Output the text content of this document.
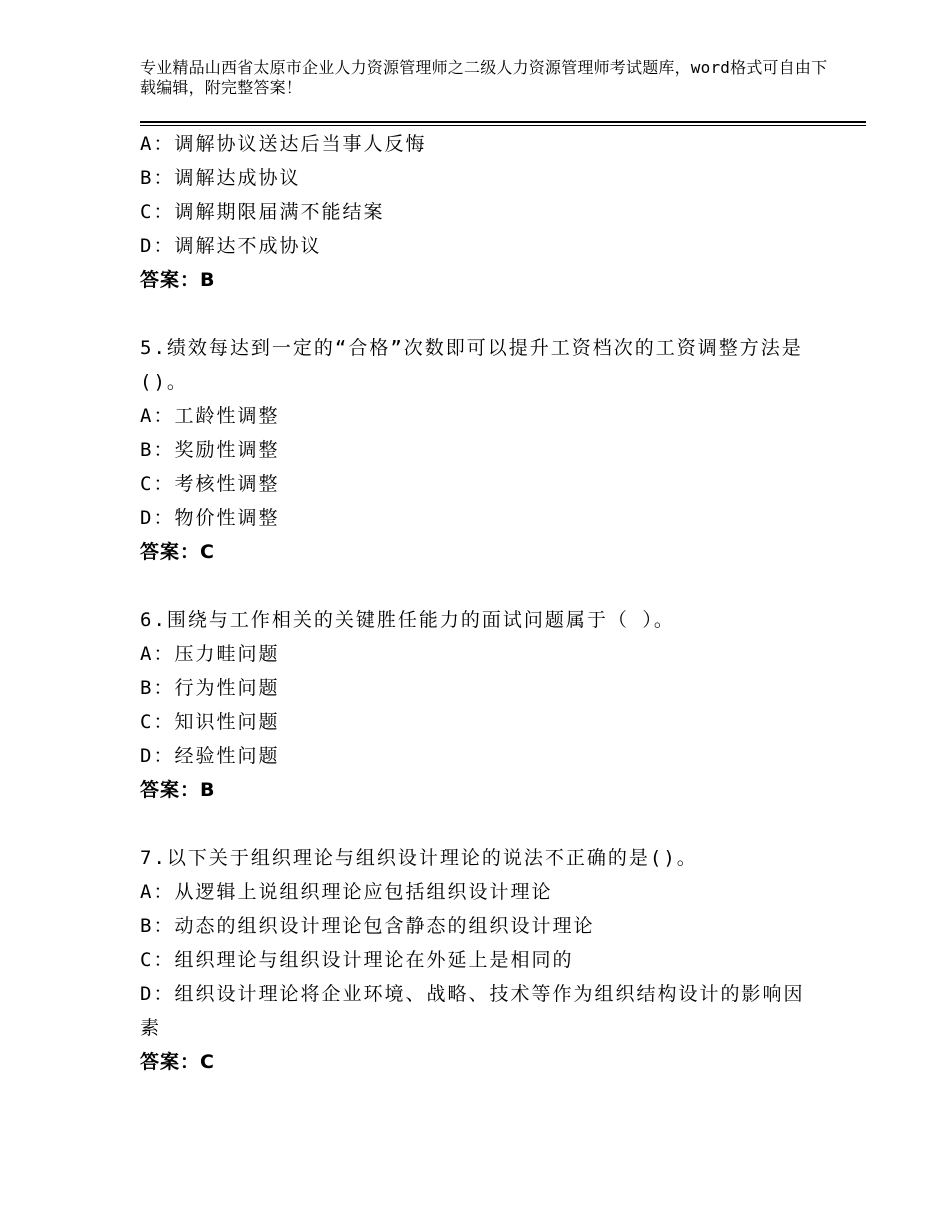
专业精品山西省太原市企业人力资源管理师之二级人力资源管理师考试题库，word格式可自由下载编辑，附完整答案！
A：调解协议送达后当事人反悔
B：调解达成协议
C：调解期限届满不能结案
D：调解达不成协议
答案：B
5.绩效每达到一定的“合格”次数即可以提升工资档次的工资调整方法是()。
A：工龄性调整
B：奖励性调整
C：考核性调整
D：物价性调整
答案：C
6.围绕与工作相关的关键胜任能力的面试问题属于（ ）。
A：压力畦问题
B：行为性问题
C：知识性问题
D：经验性问题
答案：B
7.以下关于组织理论与组织设计理论的说法不正确的是()。
A：从逻辑上说组织理论应包括组织设计理论
B：动态的组织设计理论包含静态的组织设计理论
C：组织理论与组织设计理论在外延上是相同的
D：组织设计理论将企业环境、战略、技术等作为组织结构设计的影响因素
答案：C
